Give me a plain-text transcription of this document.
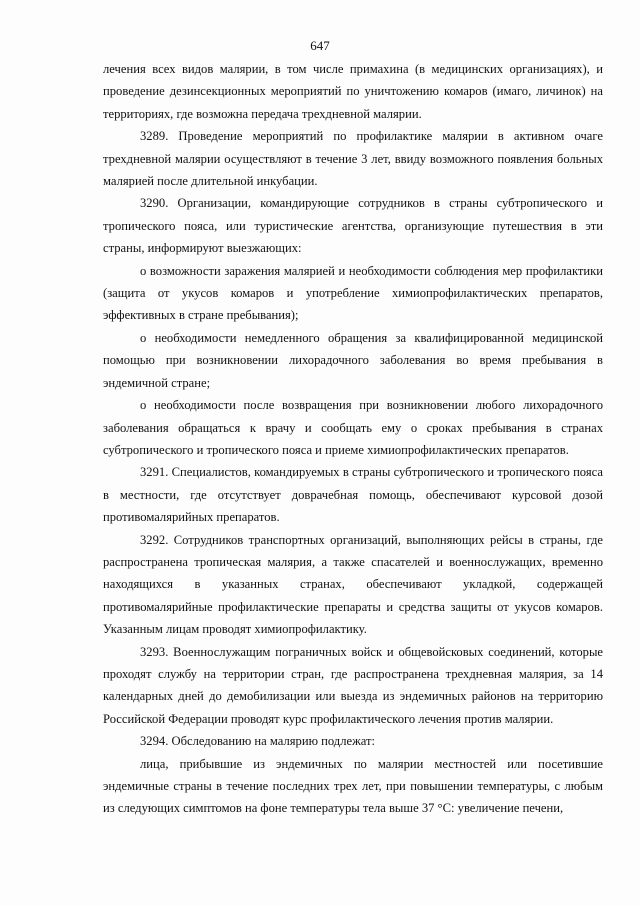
647

лечения всех видов малярии, в том числе примахина (в медицинских организациях), и проведение дезинсекционных мероприятий по уничтожению комаров (имаго, личинок) на территориях, где возможна передача трехдневной малярии.

3289. Проведение мероприятий по профилактике малярии в активном очаге трехдневной малярии осуществляют в течение 3 лет, ввиду возможного появления больных малярией после длительной инкубации.

3290. Организации, командирующие сотрудников в страны субтропического и тропического пояса, или туристические агентства, организующие путешествия в эти страны, информируют выезжающих:

о возможности заражения малярией и необходимости соблюдения мер профилактики (защита от укусов комаров и употребление химиопрофилактических препаратов, эффективных в стране пребывания);

о необходимости немедленного обращения за квалифицированной медицинской помощью при возникновении лихорадочного заболевания во время пребывания в эндемичной стране;

о необходимости после возвращения при возникновении любого лихорадочного заболевания обращаться к врачу и сообщать ему о сроках пребывания в странах субтропического и тропического пояса и приеме химиопрофилактических препаратов.

3291. Специалистов, командируемых в страны субтропического и тропического пояса в местности, где отсутствует доврачебная помощь, обеспечивают курсовой дозой противомалярийных препаратов.

3292. Сотрудников транспортных организаций, выполняющих рейсы в страны, где распространена тропическая малярия, а также спасателей и военнослужащих, временно находящихся в указанных странах, обеспечивают укладкой, содержащей противомалярийные профилактические препараты и средства защиты от укусов комаров. Указанным лицам проводят химиопрофилактику.

3293. Военнослужащим пограничных войск и общевойсковых соединений, которые проходят службу на территории стран, где распространена трехдневная малярия, за 14 календарных дней до демобилизации или выезда из эндемичных районов на территорию Российской Федерации проводят курс профилактического лечения против малярии.

3294. Обследованию на малярию подлежат:

лица, прибывшие из эндемичных по малярии местностей или посетившие эндемичные страны в течение последних трех лет, при повышении температуры, с любым из следующих симптомов на фоне температуры тела выше 37 °С: увеличение печени,
